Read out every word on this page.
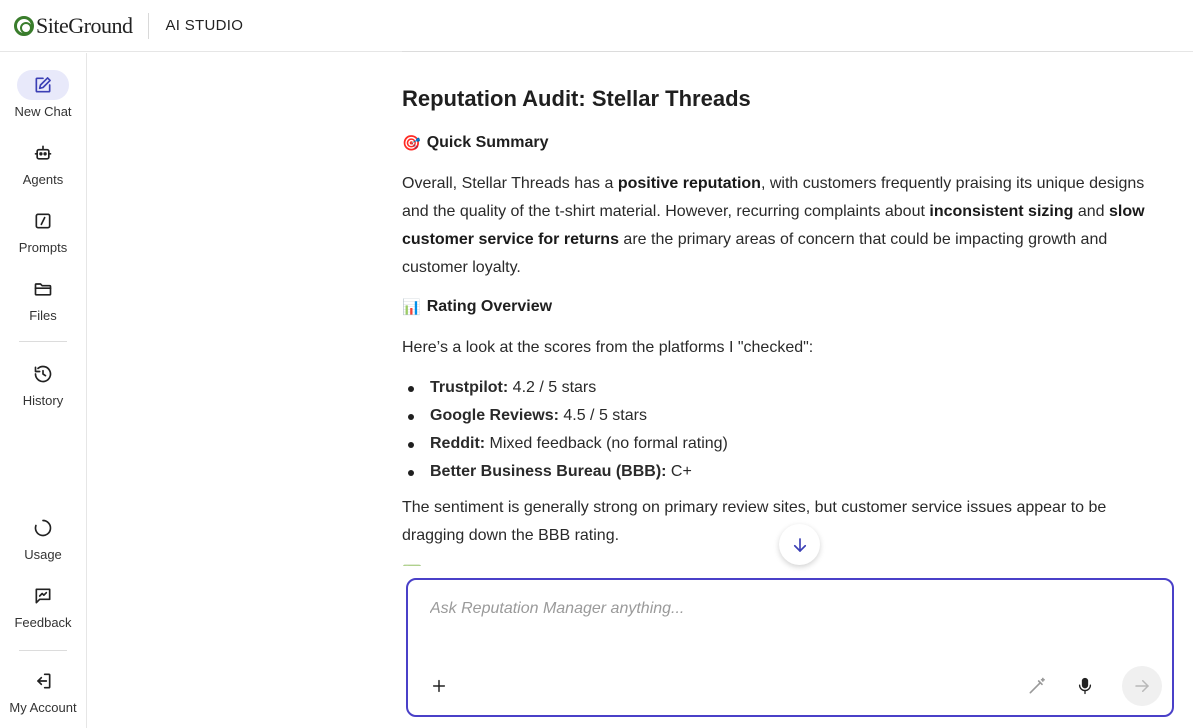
SiteGround AI STUDIO
New Chat
Agents
Prompts
Files
History
Usage
Feedback
My Account
Reputation Audit: Stellar Threads
🎯 Quick Summary
Overall, Stellar Threads has a positive reputation, with customers frequently praising its unique designs and the quality of the t-shirt material. However, recurring complaints about inconsistent sizing and slow customer service for returns are the primary areas of concern that could be impacting growth and customer loyalty.
📊 Rating Overview
Here’s a look at the scores from the platforms I "checked":
Trustpilot: 4.2 / 5 stars
Google Reviews: 4.5 / 5 stars
Reddit: Mixed feedback (no formal rating)
Better Business Bureau (BBB): C+
The sentiment is generally strong on primary review sites, but customer service issues appear to be dragging down the BBB rating.
Ask Reputation Manager anything...
